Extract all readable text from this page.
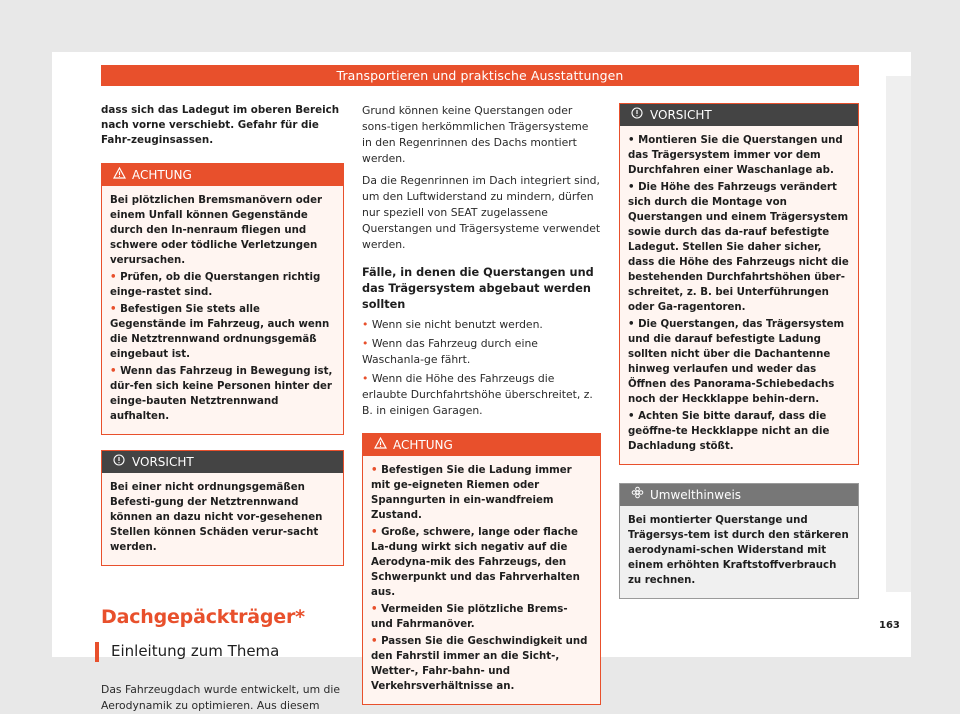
Transportieren und praktische Ausstattungen

dass sich das Ladegut im oberen Bereich nach vorne verschiebt. Gefahr für die Fahr-zeuginsassen.

ACHTUNG

Bei plötzlichen Bremsmanövern oder einem Unfall können Gegenstände durch den In-nenraum fliegen und schwere oder tödliche Verletzungen verursachen.

• Prüfen, ob die Querstangen richtig einge-rastet sind.

• Befestigen Sie stets alle Gegenstände im Fahrzeug, auch wenn die Netztrennwand ordnungsgemäß eingebaut ist.

• Wenn das Fahrzeug in Bewegung ist, dür-fen sich keine Personen hinter der einge-bauten Netztrennwand aufhalten.

VORSICHT

Bei einer nicht ordnungsgemäßen Befesti-gung der Netztrennwand können an dazu nicht vor-gesehenen Stellen können Schäden verur-sacht werden.

Dachgepäckträger*
Einleitung zum Thema

Das Fahrzeugdach wurde entwickelt, um die Aerodynamik zu optimieren. Aus diesem

Grund können keine Querstangen oder sons-tigen herkömmlichen Trägersysteme in den Regenrinnen des Dachs montiert werden.

Da die Regenrinnen im Dach integriert sind, um den Luftwiderstand zu mindern, dürfen nur speziell von SEAT zugelassene Querstangen und Trägersysteme verwendet werden.

Fälle, in denen die Querstangen und das Trägersystem abgebaut werden sollten

• Wenn sie nicht benutzt werden.

• Wenn das Fahrzeug durch eine Waschanla-ge fährt.

• Wenn die Höhe des Fahrzeugs die erlaubte Durchfahrtshöhe überschreitet, z. B. in einigen Garagen.

ACHTUNG

• Befestigen Sie die Ladung immer mit ge-eigneten Riemen oder Spanngurten in ein-wandfreiem Zustand.

• Große, schwere, lange oder flache La-dung wirkt sich negativ auf die Aerodyna-mik des Fahrzeugs, den Schwerpunkt und das Fahrverhalten aus.

• Vermeiden Sie plötzliche Brems- und Fahrmanöver.

• Passen Sie die Geschwindigkeit und den Fahrstil immer an die Sicht-, Wetter-, Fahr-bahn- und Verkehrsverhältnisse an.

VORSICHT

• Montieren Sie die Querstangen und das Trägersystem immer vor dem Durchfahren einer Waschanlage ab.

• Die Höhe des Fahrzeugs verändert sich durch die Montage von Querstangen und einem Trägersystem sowie durch das da-rauf befestigte Ladegut. Stellen Sie daher sicher, dass die Höhe des Fahrzeugs nicht die bestehenden Durchfahrtshöhen über-schreitet, z. B. bei Unterführungen oder Ga-ragentoren.

• Die Querstangen, das Trägersystem und die darauf befestigte Ladung sollten nicht über die Dachantenne hinweg verlaufen und weder das Öffnen des Panorama-Schiebedachs noch der Heckklappe behin-dern.

• Achten Sie bitte darauf, dass die geöffne-te Heckklappe nicht an die Dachladung stößt.

Umwelthinweis

Bei montierter Querstange und Trägersys-tem ist durch den stärkeren aerodynami-schen Widerstand mit einem erhöhten Kraftstoffverbrauch zu rechnen.

163
